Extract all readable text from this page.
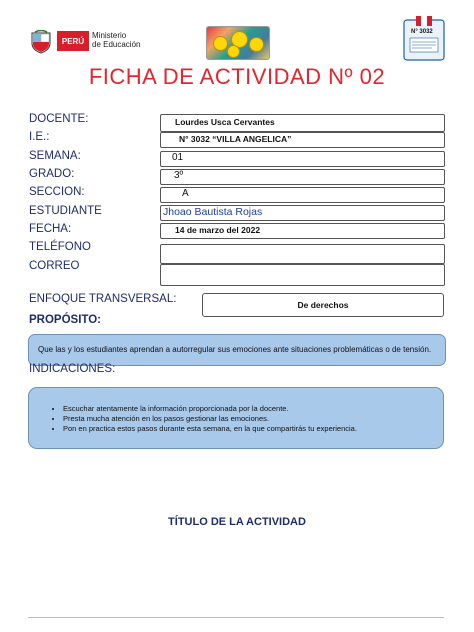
PERÚ
Ministerio
de Educación
N° 3032
FICHA DE ACTIVIDAD Nº 02
DOCENTE:	Lourdes Usca Cervantes
I.E.:	N° 3032 “VILLA ANGELICA”
SEMANA:	01
GRADO:	3º
SECCION:	A
ESTUDIANTE	Jhoao Bautista Rojas
FECHA:	14 de marzo del 2022
TELÉFONO
CORREO
ENFOQUE TRANSVERSAL:	De derechos
PROPÓSITO:
Que las y los estudiantes aprendan a autorregular sus emociones ante situaciones problemáticas o de tensión.
INDICACIONES:
• Escuchar atentamente la información proporcionada por la docente.
• Presta mucha atención en los pasos gestionar las emociones.
• Pon en practica estos pasos durante esta semana, en la que compartirás tu experiencia.
TÍTULO DE LA ACTIVIDAD
